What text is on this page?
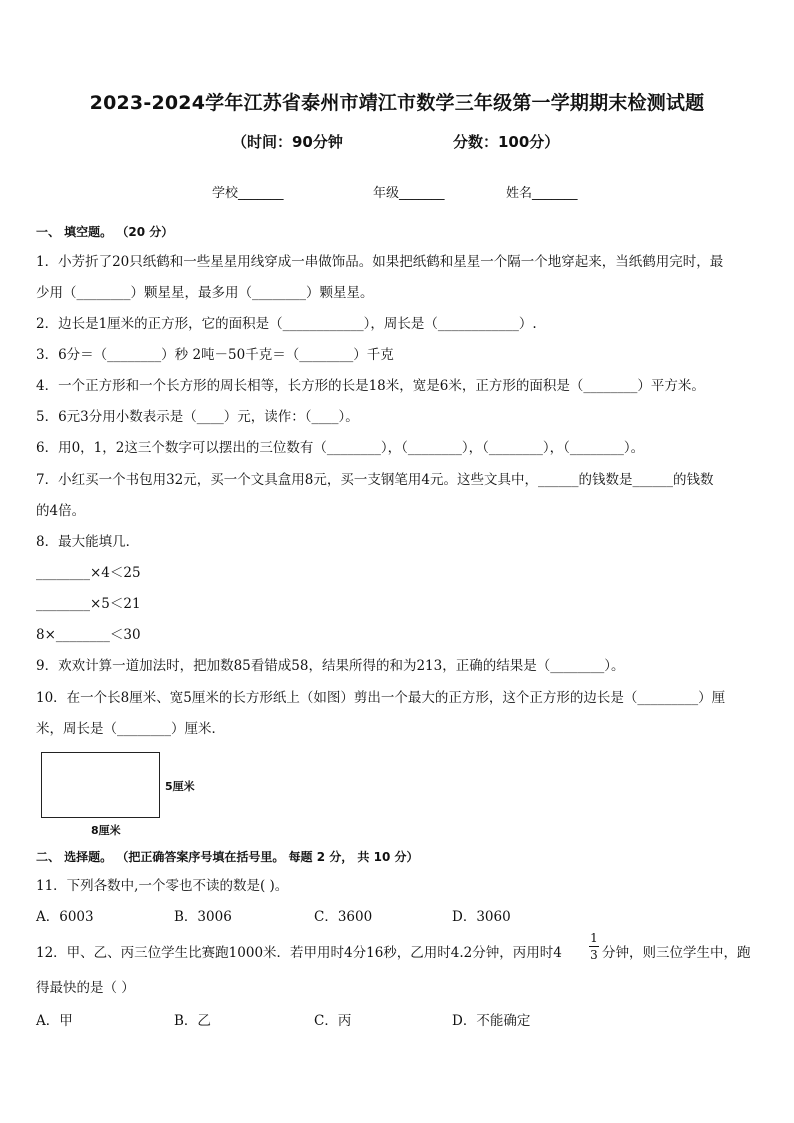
2023-2024学年江苏省泰州市靖江市数学三年级第一学期期末检测试题
（时间：90分钟	分数：100分）
学校_______	年级_______	姓名_______
一、 填空题。 （20 分）
1．小芳折了20只纸鹤和一些星星用线穿成一串做饰品。如果把纸鹤和星星一个隔一个地穿起来，当纸鹤用完时，最
少用（________）颗星星，最多用（________）颗星星。
2．边长是1厘米的正方形，它的面积是（____________），周长是（____________）.
3．6分＝（________）秒 2吨－50千克＝（________）千克
4．一个正方形和一个长方形的周长相等，长方形的长是18米，宽是6米，正方形的面积是（________）平方米。
5．6元3分用小数表示是（____）元，读作：（____）。
6．用0，1，2这三个数字可以摆出的三位数有（________），（________），（________），（________）。
7．小红买一个书包用32元，买一个文具盒用8元，买一支钢笔用4元。这些文具中，______的钱数是______的钱数
的4倍。
8．最大能填几．
________×4＜25
________×5＜21
8×________＜30
9．欢欢计算一道加法时，把加数85看错成58，结果所得的和为213，正确的结果是（________）。
10．在一个长8厘米、宽5厘米的长方形纸上（如图）剪出一个最大的正方形，这个正方形的边长是（_________）厘
米，周长是（________）厘米．
5厘米
8厘米
二、 选择题。 （把正确答案序号填在括号里。 每题 2 分， 共 10 分）
11．下列各数中,一个零也不读的数是( )。
A．6003	B．3006	C．3600	D．3060
12．甲、乙、丙三位学生比赛跑1000米．若甲用时4分16秒，乙用时4.2分钟，丙用时4
1
3 分钟，则三位学生中，跑
得最快的是（ ）
A．甲	B．乙	C．丙	D．不能确定
